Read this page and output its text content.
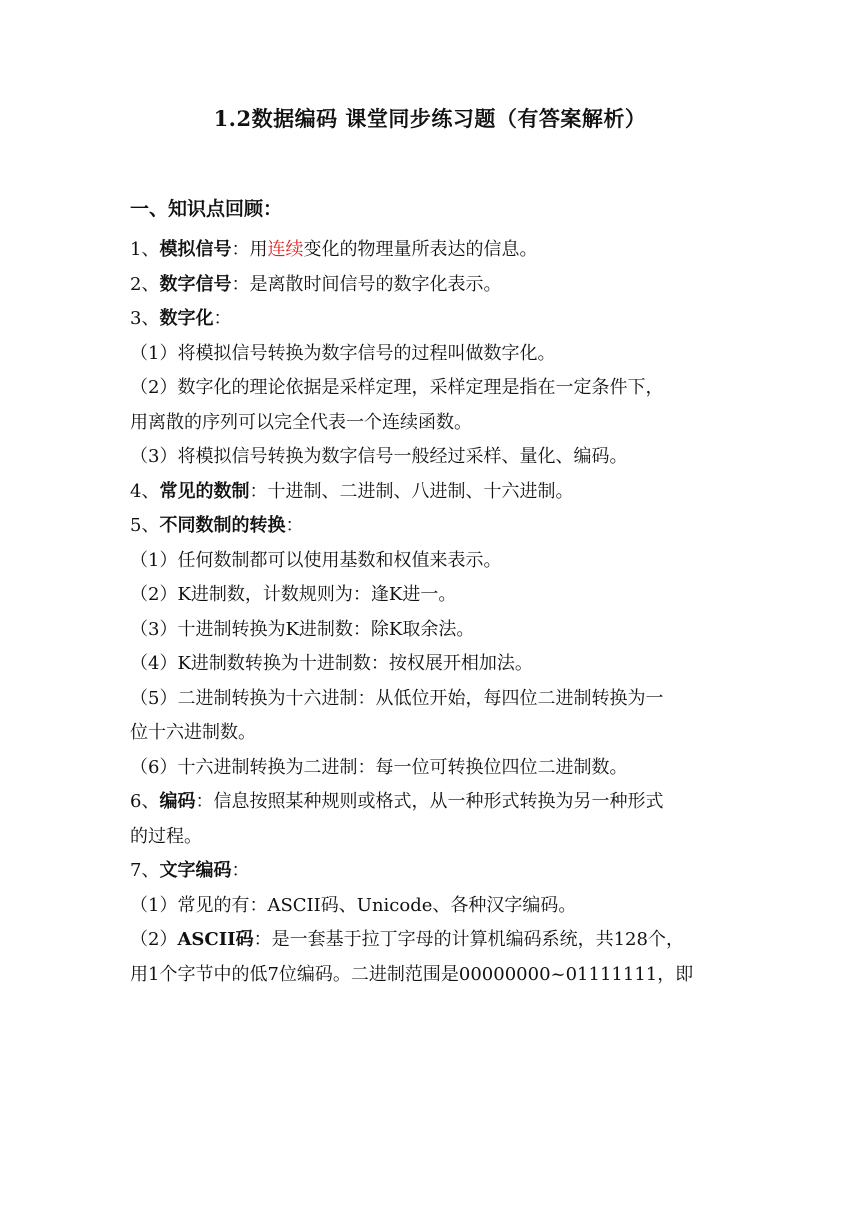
1.2数据编码 课堂同步练习题（有答案解析）
一、知识点回顾：
1、模拟信号：用连续变化的物理量所表达的信息。
2、数字信号：是离散时间信号的数字化表示。
3、数字化：
（1）将模拟信号转换为数字信号的过程叫做数字化。
（2）数字化的理论依据是采样定理，采样定理是指在一定条件下，
用离散的序列可以完全代表一个连续函数。
（3）将模拟信号转换为数字信号一般经过采样、量化、编码。
4、常见的数制：十进制、二进制、八进制、十六进制。
5、不同数制的转换：
（1）任何数制都可以使用基数和权值来表示。
（2）K进制数，计数规则为：逢K进一。
（3）十进制转换为K进制数：除K取余法。
（4）K进制数转换为十进制数：按权展开相加法。
（5）二进制转换为十六进制：从低位开始，每四位二进制转换为一
位十六进制数。
（6）十六进制转换为二进制：每一位可转换位四位二进制数。
6、编码：信息按照某种规则或格式，从一种形式转换为另一种形式
的过程。
7、文字编码：
（1）常见的有：ASCII码、Unicode、各种汉字编码。
（2）ASCII码：是一套基于拉丁字母的计算机编码系统，共128个，
用1个字节中的低7位编码。二进制范围是00000000~01111111，即
